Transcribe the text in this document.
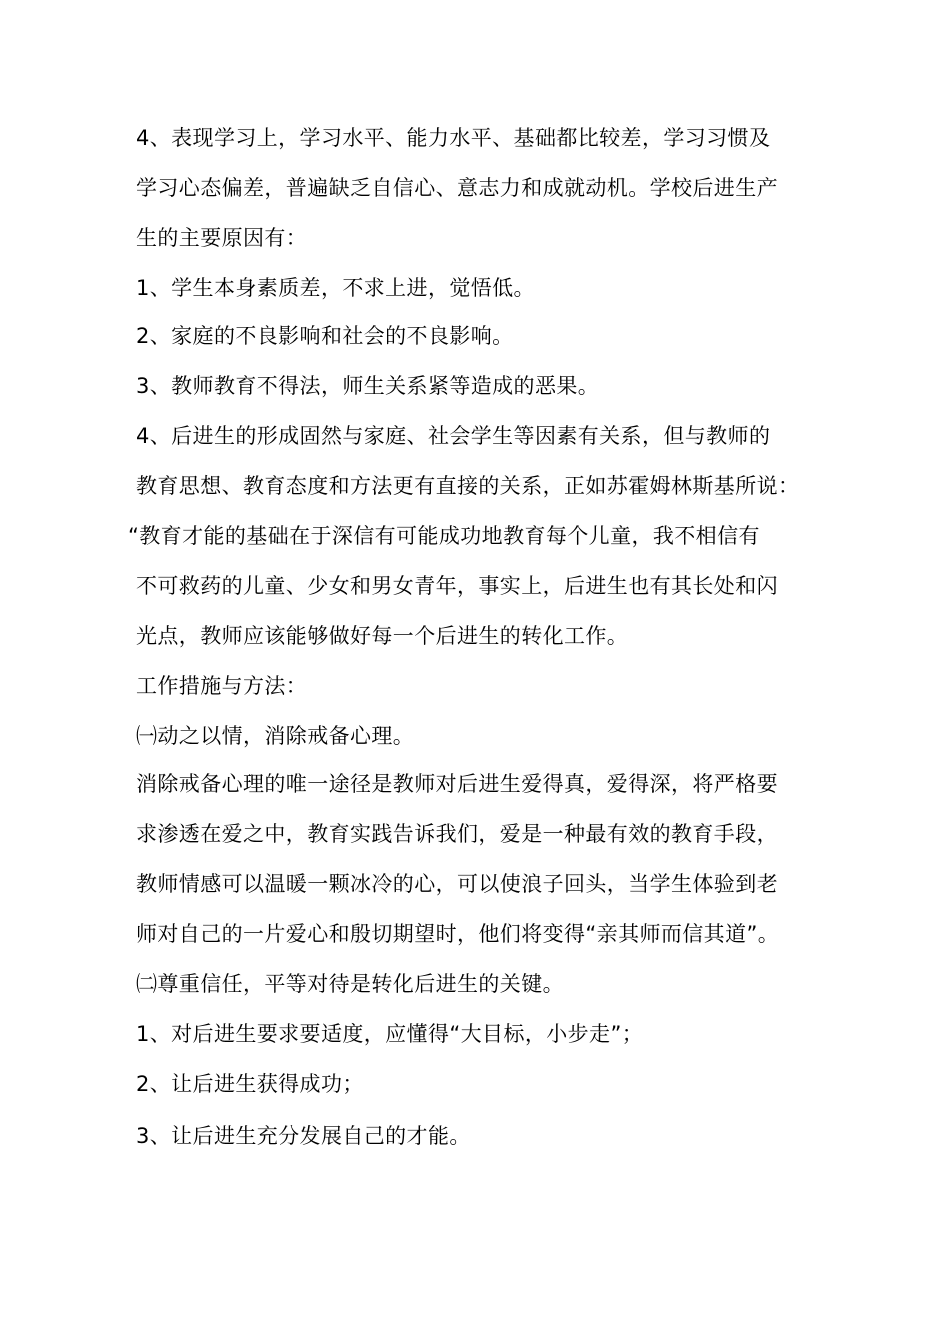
4、表现学习上，学习水平、能力水平、基础都比较差，学习习惯及
学习心态偏差，普遍缺乏自信心、意志力和成就动机。学校后进生产
生的主要原因有：
1、学生本身素质差，不求上进，觉悟低。
2、家庭的不良影响和社会的不良影响。
3、教师教育不得法，师生关系紧等造成的恶果。
4、后进生的形成固然与家庭、社会学生等因素有关系，但与教师的
教育思想、教育态度和方法更有直接的关系，正如苏霍姆林斯基所说：
“教育才能的基础在于深信有可能成功地教育每个儿童，我不相信有
不可救药的儿童、少女和男女青年，事实上，后进生也有其长处和闪
光点，教师应该能够做好每一个后进生的转化工作。
工作措施与方法：
㈠动之以情，消除戒备心理。
消除戒备心理的唯一途径是教师对后进生爱得真，爱得深，将严格要
求渗透在爱之中，教育实践告诉我们，爱是一种最有效的教育手段，
教师情感可以温暖一颗冰冷的心，可以使浪子回头，当学生体验到老
师对自己的一片爱心和殷切期望时，他们将变得“亲其师而信其道”。
㈡尊重信任，平等对待是转化后进生的关键。
1、对后进生要求要适度，应懂得“大目标，小步走”；
2、让后进生获得成功；
3、让后进生充分发展自己的才能。
